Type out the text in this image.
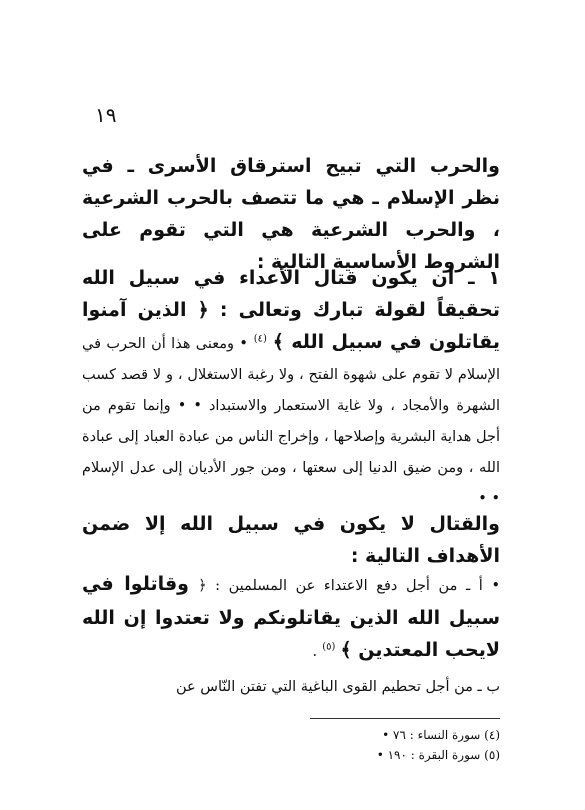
١٩

والحرب التي تبيح استرقاق الأسرى ـ في نظر الإسلام ـ هي ما تتصف بالحرب الشرعية ، والحرب الشرعية هي التي تقوم على الشروط الأساسية التالية :

١ ـ أن يكون قتال الأعداء في سبيل الله تحقيقاً لقولة تبارك وتعالى : ﴿ الذين آمنوا يقاتلون في سبيل الله ﴾ $^{(٤)}$ • ومعنى هذا أن الحرب في الإسلام لا تقوم على شهوة الفتح ، ولا رغبة الاستغلال ، و لا قصد كسب الشهرة والأمجاد ، ولا غاية الاستعمار والاستبداد • • وإنما تقوم من أجل هداية البشرية وإصلاحها ، وإخراج الناس من عبادة العباد إلى عبادة الله ، ومن ضيق الدنيا إلى سعتها ، ومن جور الأديان إلى عدل الإسلام • •

والقتال لا يكون في سبيل الله إلا ضمن الأهداف التالية :

• أ ـ من أجل دفع الاعتداء عن المسلمين : ﴿ وقاتلوا في سبيل الله الذين يقاتلونكم ولا تعتدوا إن الله لايحب المعتدين ﴾ $^{(٥)}$ .

ب ـ من أجل تحطيم القوى الباغية التي تفتن النّاس عن

(٤) سورة النساء : ٧٦ •
(٥) سورة البقرة : ١٩٠ •
